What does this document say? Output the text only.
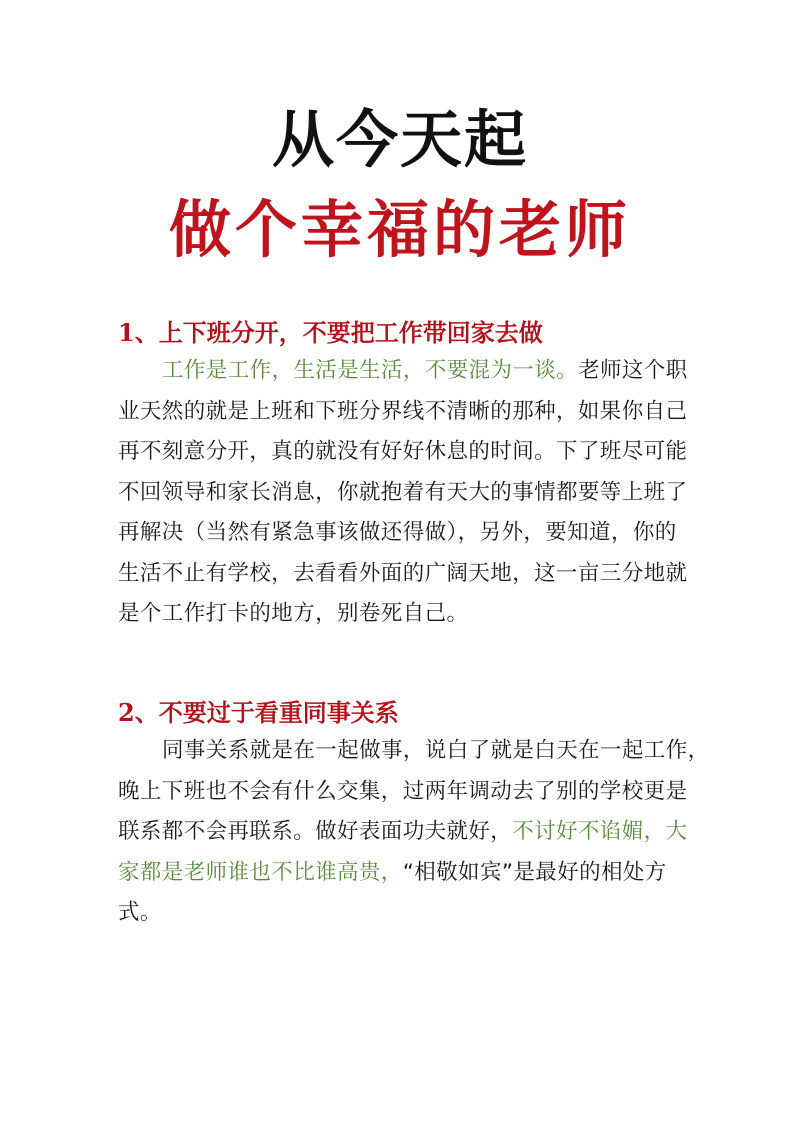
从今天起
做个幸福的老师
1、上下班分开，不要把工作带回家去做
工作是工作，生活是生活，不要混为一谈。老师这个职
业天然的就是上班和下班分界线不清晰的那种，如果你自己
再不刻意分开，真的就没有好好休息的时间。下了班尽可能
不回领导和家长消息，你就抱着有天大的事情都要等上班了
再解决（当然有紧急事该做还得做），另外，要知道，你的
生活不止有学校，去看看外面的广阔天地，这一亩三分地就
是个工作打卡的地方，别卷死自己。
2、不要过于看重同事关系
同事关系就是在一起做事，说白了就是白天在一起工作，
晚上下班也不会有什么交集，过两年调动去了别的学校更是
联系都不会再联系。做好表面功夫就好，不讨好不谄媚，大
家都是老师谁也不比谁高贵，“相敬如宾”是最好的相处方
式。
